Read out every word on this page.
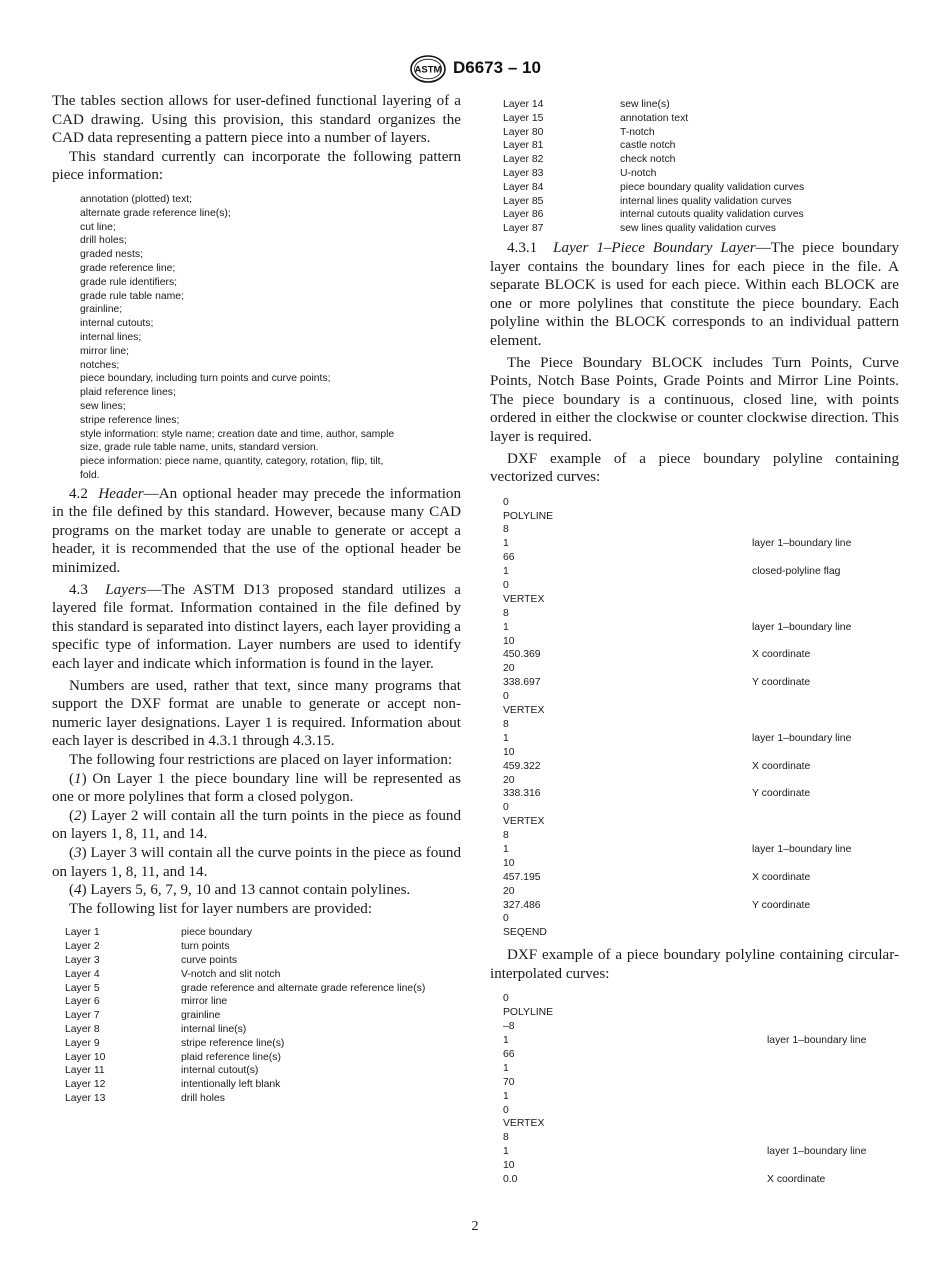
ASTM D6673 – 10

The tables section allows for user-defined functional layering of a CAD drawing. Using this provision, this standard organizes the CAD data representing a pattern piece into a number of layers.

This standard currently can incorporate the following pattern piece information:

annotation (plotted) text;
alternate grade reference line(s);
cut line;
drill holes;
graded nests;
grade reference line;
grade rule identifiers;
grade rule table name;
grainline;
internal cutouts;
internal lines;
mirror line;
notches;
piece boundary, including turn points and curve points;
plaid reference lines;
sew lines;
stripe reference lines;
style information: style name; creation date and time, author, sample
size, grade rule table name, units, standard version.
piece information: piece name, quantity, category, rotation, flip, tilt,
fold.

4.2 Header—An optional header may precede the information in the file defined by this standard. However, because many CAD programs on the market today are unable to generate or accept a header, it is recommended that the use of the optional header be minimized.

4.3 Layers—The ASTM D13 proposed standard utilizes a layered file format. Information contained in the file defined by this standard is separated into distinct layers, each layer providing a specific type of information. Layer numbers are used to identify each layer and indicate which information is found in the layer.

Numbers are used, rather that text, since many programs that support the DXF format are unable to generate or accept non-numeric layer designations. Layer 1 is required. Information about each layer is described in 4.3.1 through 4.3.15.

The following four restrictions are placed on layer information:

(1) On Layer 1 the piece boundary line will be represented as one or more polylines that form a closed polygon.

(2) Layer 2 will contain all the turn points in the piece as found on layers 1, 8, 11, and 14.

(3) Layer 3 will contain all the curve points in the piece as found on layers 1, 8, 11, and 14.

(4) Layers 5, 6, 7, 9, 10 and 13 cannot contain polylines.

The following list for layer numbers are provided:

Layer 1	piece boundary
Layer 2	turn points
Layer 3	curve points
Layer 4	V-notch and slit notch
Layer 5	grade reference and alternate grade reference line(s)
Layer 6	mirror line
Layer 7	grainline
Layer 8	internal line(s)
Layer 9	stripe reference line(s)
Layer 10	plaid reference line(s)
Layer 11	internal cutout(s)
Layer 12	intentionally left blank
Layer 13	drill holes
Layer 14	sew line(s)
Layer 15	annotation text
Layer 80	T-notch
Layer 81	castle notch
Layer 82	check notch
Layer 83	U-notch
Layer 84	piece boundary quality validation curves
Layer 85	internal lines quality validation curves
Layer 86	internal cutouts quality validation curves
Layer 87	sew lines quality validation curves

4.3.1 Layer 1–Piece Boundary Layer—The piece boundary layer contains the boundary lines for each piece in the file. A separate BLOCK is used for each piece. Within each BLOCK are one or more polylines that constitute the piece boundary. Each polyline within the BLOCK corresponds to an individual pattern element.

The Piece Boundary BLOCK includes Turn Points, Curve Points, Notch Base Points, Grade Points and Mirror Line Points. The piece boundary is a continuous, closed line, with points ordered in either the clockwise or counter clockwise direction. This layer is required.

DXF example of a piece boundary polyline containing vectorized curves:

0
POLYLINE
8
1	layer 1–boundary line
66
1	closed-polyline flag
0
VERTEX
8
1	layer 1–boundary line
10
450.369	X coordinate
20
338.697	Y coordinate
0
VERTEX
8
1	layer 1–boundary line
10
459.322	X coordinate
20
338.316	Y coordinate
0
VERTEX
8
1	layer 1–boundary line
10
457.195	X coordinate
20
327.486	Y coordinate
0
SEQEND

DXF example of a piece boundary polyline containing circular-interpolated curves:

0
POLYLINE
–8
1	layer 1–boundary line
66
1
70
1
0
VERTEX
8
1	layer 1–boundary line
10
0.0	X coordinate
2
